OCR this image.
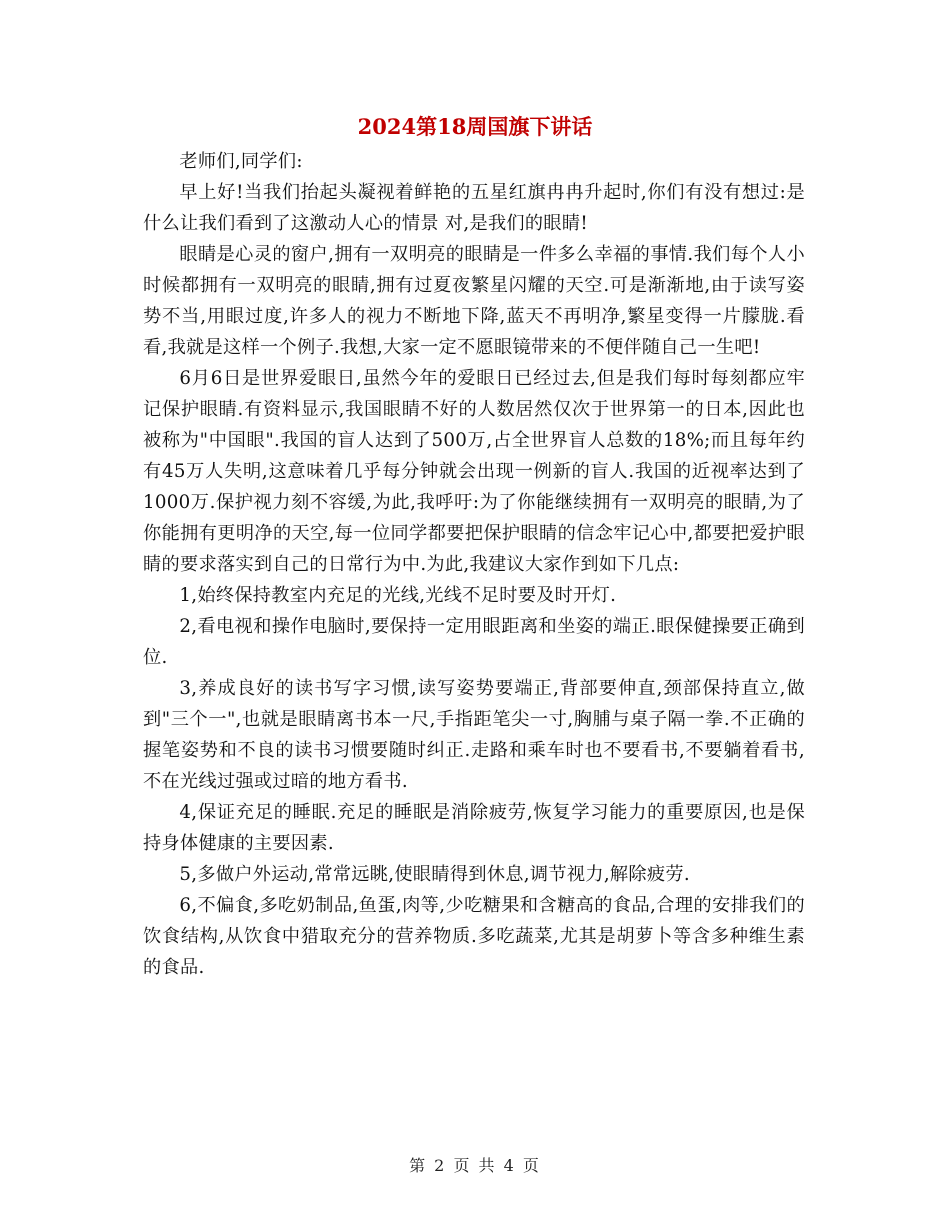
2024第18周国旗下讲话

老师们,同学们:

早上好!当我们抬起头凝视着鲜艳的五星红旗冉冉升起时,你们有没有想过:是什么让我们看到了这激动人心的情景 对,是我们的眼睛!

眼睛是心灵的窗户,拥有一双明亮的眼睛是一件多么幸福的事情.我们每个人小时候都拥有一双明亮的眼睛,拥有过夏夜繁星闪耀的天空.可是渐渐地,由于读写姿势不当,用眼过度,许多人的视力不断地下降,蓝天不再明净,繁星变得一片朦胧.看看,我就是这样一个例子.我想,大家一定不愿眼镜带来的不便伴随自己一生吧!

6月6日是世界爱眼日,虽然今年的爱眼日已经过去,但是我们每时每刻都应牢记保护眼睛.有资料显示,我国眼睛不好的人数居然仅次于世界第一的日本,因此也被称为"中国眼".我国的盲人达到了500万,占全世界盲人总数的18%;而且每年约有45万人失明,这意味着几乎每分钟就会出现一例新的盲人.我国的近视率达到了1000万.保护视力刻不容缓,为此,我呼吁:为了你能继续拥有一双明亮的眼睛,为了你能拥有更明净的天空,每一位同学都要把保护眼睛的信念牢记心中,都要把爱护眼睛的要求落实到自己的日常行为中.为此,我建议大家作到如下几点:

1,始终保持教室内充足的光线,光线不足时要及时开灯.

2,看电视和操作电脑时,要保持一定用眼距离和坐姿的端正.眼保健操要正确到位.

3,养成良好的读书写字习惯,读写姿势要端正,背部要伸直,颈部保持直立,做到"三个一",也就是眼睛离书本一尺,手指距笔尖一寸,胸脯与桌子隔一拳.不正确的握笔姿势和不良的读书习惯要随时纠正.走路和乘车时也不要看书,不要躺着看书,不在光线过强或过暗的地方看书.

4,保证充足的睡眠.充足的睡眠是消除疲劳,恢复学习能力的重要原因,也是保持身体健康的主要因素.

5,多做户外运动,常常远眺,使眼睛得到休息,调节视力,解除疲劳.

6,不偏食,多吃奶制品,鱼蛋,肉等,少吃糖果和含糖高的食品,合理的安排我们的饮食结构,从饮食中猎取充分的营养物质.多吃蔬菜,尤其是胡萝卜等含多种维生素的食品.

第 2 页 共 4 页
